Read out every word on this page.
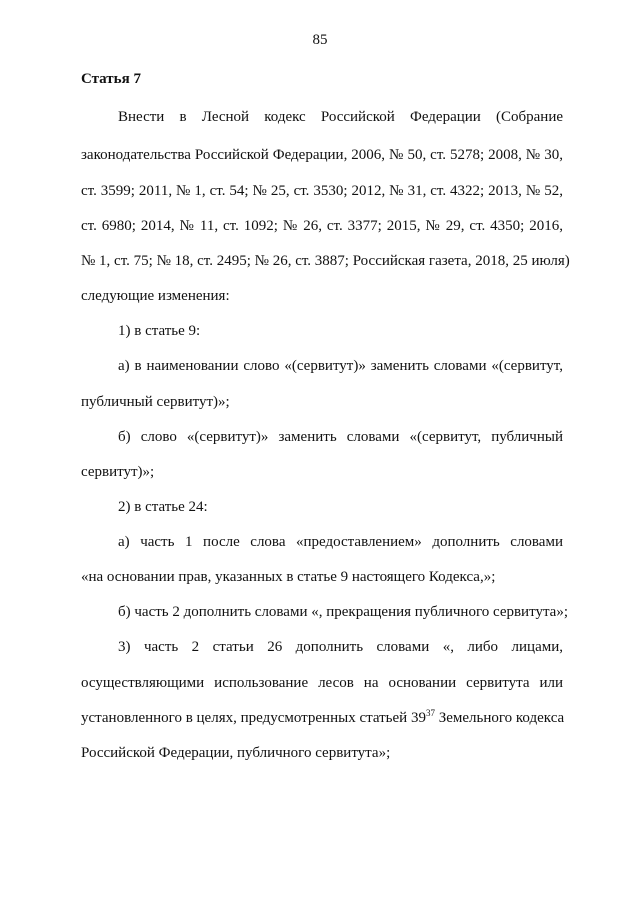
85
Статья 7
Внести в Лесной кодекс Российской Федерации (Собрание
законодательства Российской Федерации, 2006, № 50, ст. 5278; 2008, № 30,
ст. 3599; 2011, № 1, ст. 54; № 25, ст. 3530; 2012, № 31, ст. 4322; 2013, № 52,
ст. 6980; 2014, № 11, ст. 1092; № 26, ст. 3377; 2015, № 29, ст. 4350; 2016,
№ 1, ст. 75; № 18, ст. 2495; № 26, ст. 3887; Российская газета, 2018, 25 июля)
следующие изменения:
1) в статье 9:
а) в наименовании слово «(сервитут)» заменить словами «(сервитут,
публичный сервитут)»;
б) слово «(сервитут)» заменить словами «(сервитут, публичный
сервитут)»;
2) в статье 24:
а) часть 1 после слова «предоставлением» дополнить словами
«на основании прав, указанных в статье 9 настоящего Кодекса,»;
б) часть 2 дополнить словами «, прекращения публичного сервитута»;
3) часть 2 статьи 26 дополнить словами «, либо лицами,
осуществляющими использование лесов на основании сервитута или
установленного в целях, предусмотренных статьей $39^{37}$ Земельного кодекса
Российской Федерации, публичного сервитута»;
